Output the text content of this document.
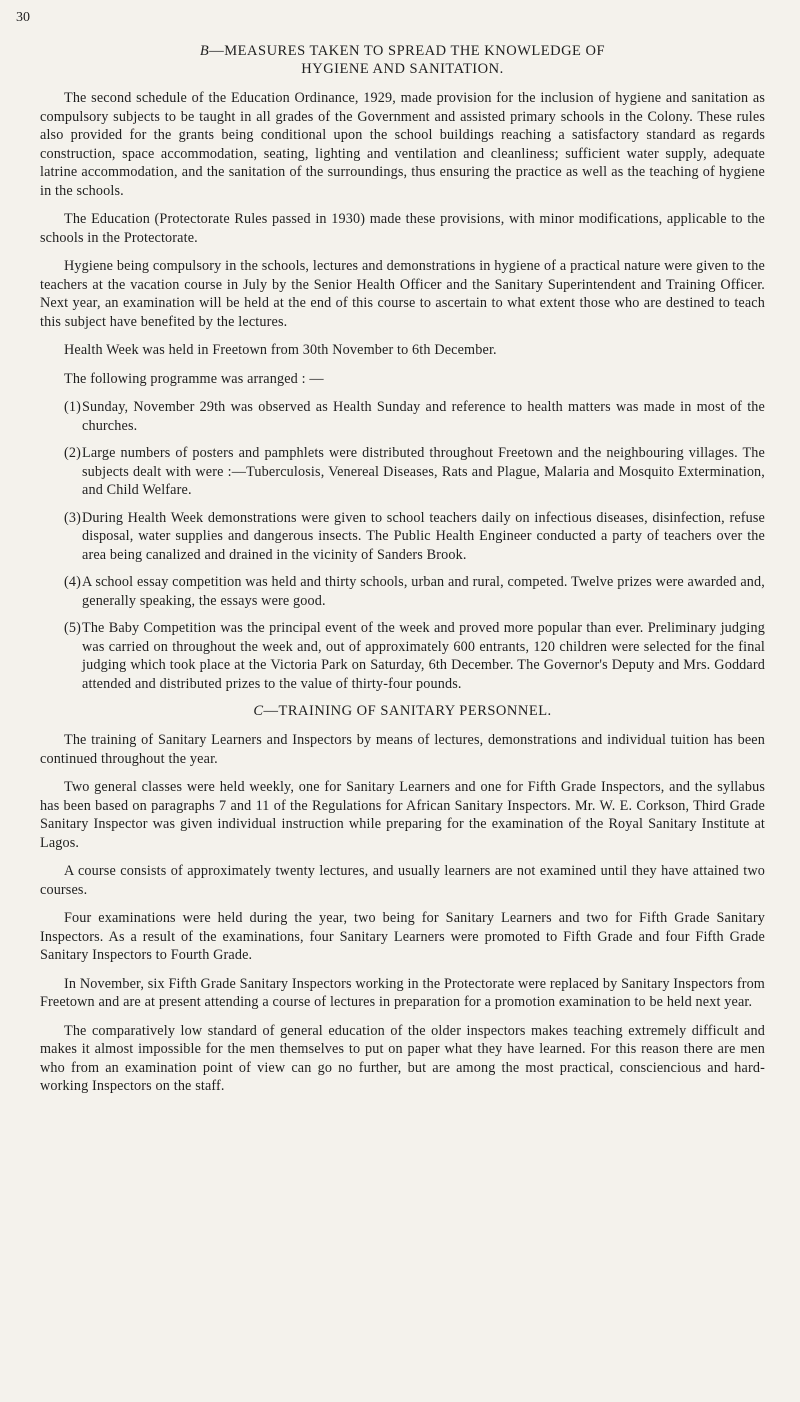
30
B—MEASURES TAKEN TO SPREAD THE KNOWLEDGE OF
HYGIENE AND SANITATION.

The second schedule of the Education Ordinance, 1929, made provision for the inclusion of hygiene and sanitation as compulsory subjects to be taught in all grades of the Government and assisted primary schools in the Colony. These rules also provided for the grants being conditional upon the school buildings reaching a satisfactory standard as regards construction, space accommodation, seating, lighting and ventilation and cleanliness; sufficient water supply, adequate latrine accommodation, and the sanitation of the surroundings, thus ensuring the practice as well as the teaching of hygiene in the schools.

The Education (Protectorate Rules passed in 1930) made these provisions, with minor modifications, applicable to the schools in the Protectorate.

Hygiene being compulsory in the schools, lectures and demonstrations in hygiene of a practical nature were given to the teachers at the vacation course in July by the Senior Health Officer and the Sanitary Superintendent and Training Officer. Next year, an examination will be held at the end of this course to ascertain to what extent those who are destined to teach this subject have benefited by the lectures.

Health Week was held in Freetown from 30th November to 6th December.

The following programme was arranged : —

(1) Sunday, November 29th was observed as Health Sunday and reference to health matters was made in most of the churches.
(2) Large numbers of posters and pamphlets were distributed throughout Freetown and the neighbouring villages. The subjects dealt with were :—Tuberculosis, Venereal Diseases, Rats and Plague, Malaria and Mosquito Extermination, and Child Welfare.
(3) During Health Week demonstrations were given to school teachers daily on infectious diseases, disinfection, refuse disposal, water supplies and dangerous insects. The Public Health Engineer conducted a party of teachers over the area being canalized and drained in the vicinity of Sanders Brook.
(4) A school essay competition was held and thirty schools, urban and rural, competed. Twelve prizes were awarded and, generally speaking, the essays were good.
(5) The Baby Competition was the principal event of the week and proved more popular than ever. Preliminary judging was carried on throughout the week and, out of approximately 600 entrants, 120 children were selected for the final judging which took place at the Victoria Park on Saturday, 6th December. The Governor's Deputy and Mrs. Goddard attended and distributed prizes to the value of thirty-four pounds.
C—TRAINING OF SANITARY PERSONNEL.

The training of Sanitary Learners and Inspectors by means of lectures, demonstrations and individual tuition has been continued throughout the year.

Two general classes were held weekly, one for Sanitary Learners and one for Fifth Grade Inspectors, and the syllabus has been based on paragraphs 7 and 11 of the Regulations for African Sanitary Inspectors. Mr. W. E. Corkson, Third Grade Sanitary Inspector was given individual instruction while preparing for the examination of the Royal Sanitary Institute at Lagos.

A course consists of approximately twenty lectures, and usually learners are not examined until they have attained two courses.

Four examinations were held during the year, two being for Sanitary Learners and two for Fifth Grade Sanitary Inspectors. As a result of the examinations, four Sanitary Learners were promoted to Fifth Grade and four Fifth Grade Sanitary Inspectors to Fourth Grade.

In November, six Fifth Grade Sanitary Inspectors working in the Protectorate were replaced by Sanitary Inspectors from Freetown and are at present attending a course of lectures in preparation for a promotion examination to be held next year.

The comparatively low standard of general education of the older inspectors makes teaching extremely difficult and makes it almost impossible for the men themselves to put on paper what they have learned. For this reason there are men who from an examination point of view can go no further, but are among the most practical, consciencious and hard-working Inspectors on the staff.
